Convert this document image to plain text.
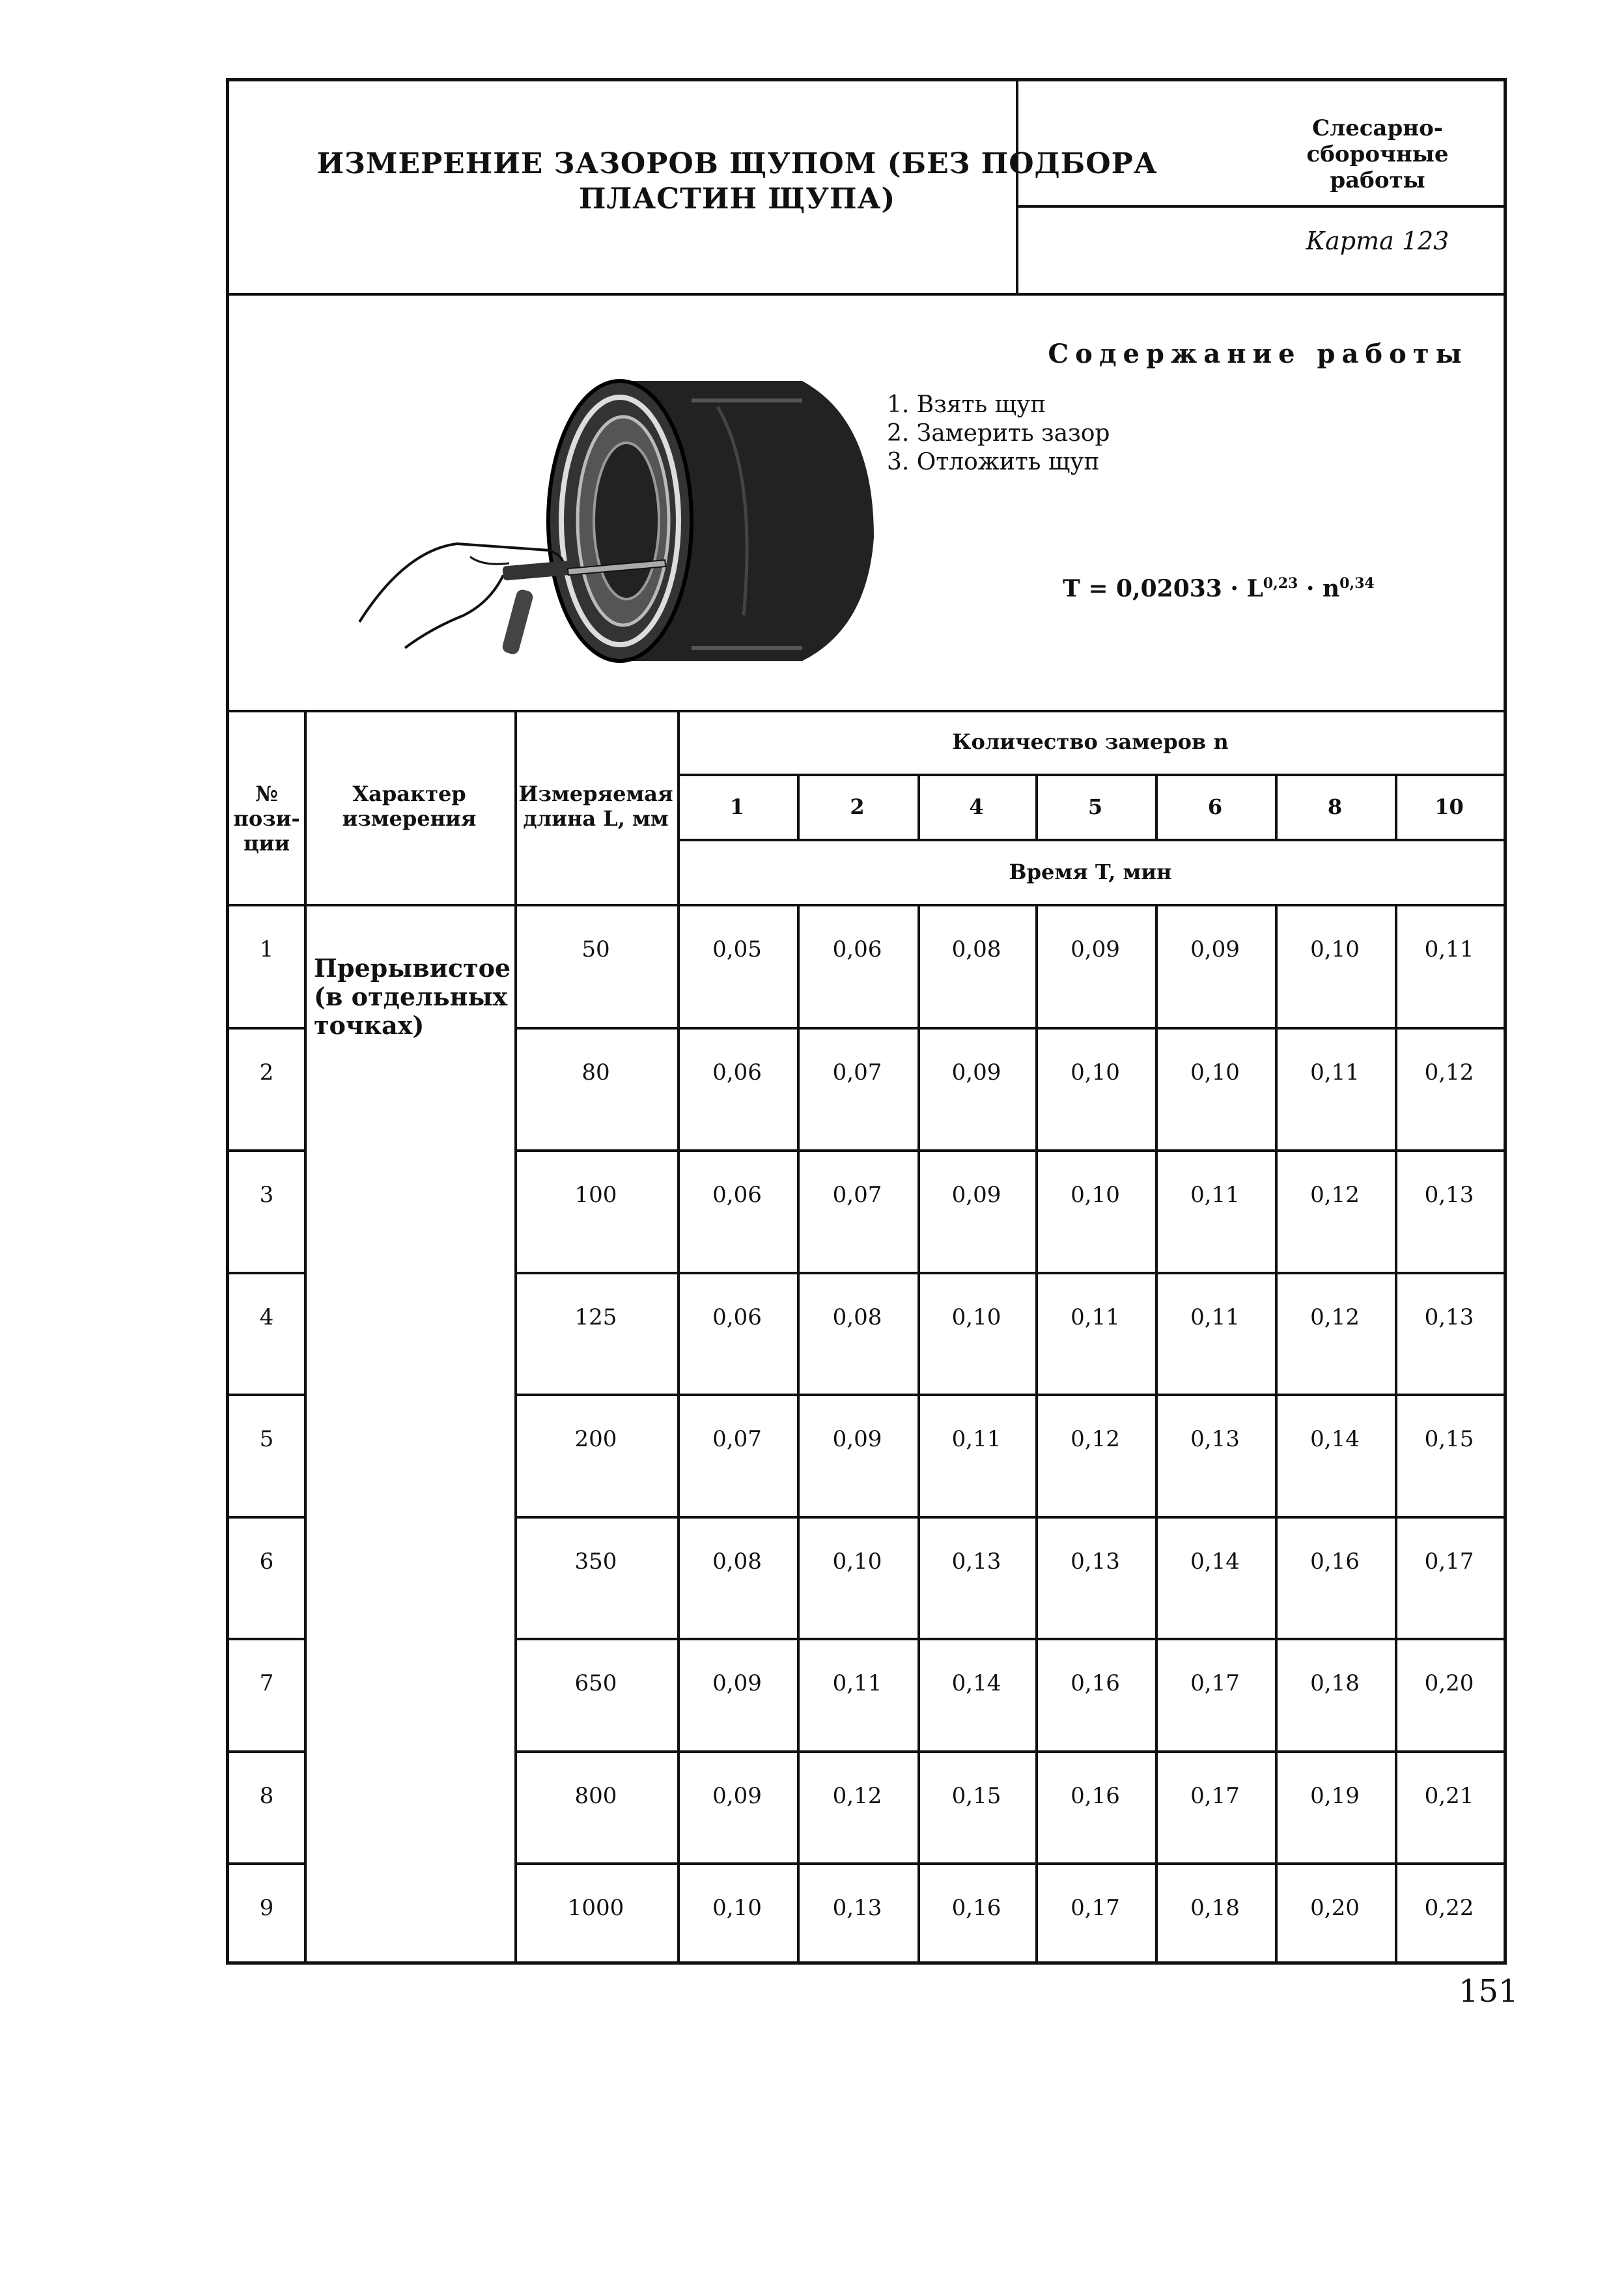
ИЗМЕРЕНИЕ ЗАЗОРОВ ЩУПОМ (БЕЗ ПОДБОРА
ПЛАСТИН ЩУПА)
Слесарно-сборочные
работы
Карта 123
Содержание работы
1. Взять щуп
2. Замерить зазор
3. Отложить щуп
$T = 0,02033 \cdot L^{0,23} \cdot n^{0,34}$
№
пози-
ции
Характер
измерения
Измеряемая
длина L, мм
Количество замеров n
Время T, мин
Прерывистое
(в отдельных
точках)
1	2	4	5	6	8	10
1	50	0,05	0,06	0,08	0,09	0,09	0,10	0,11
2	80	0,06	0,07	0,09	0,10	0,10	0,11	0,12
3	100	0,06	0,07	0,09	0,10	0,11	0,12	0,13
4	125	0,06	0,08	0,10	0,11	0,11	0,12	0,13
5	200	0,07	0,09	0,11	0,12	0,13	0,14	0,15
6	350	0,08	0,10	0,13	0,13	0,14	0,16	0,17
7	650	0,09	0,11	0,14	0,16	0,17	0,18	0,20
8	800	0,09	0,12	0,15	0,16	0,17	0,19	0,21
9	1000	0,10	0,13	0,16	0,17	0,18	0,20	0,22
151
